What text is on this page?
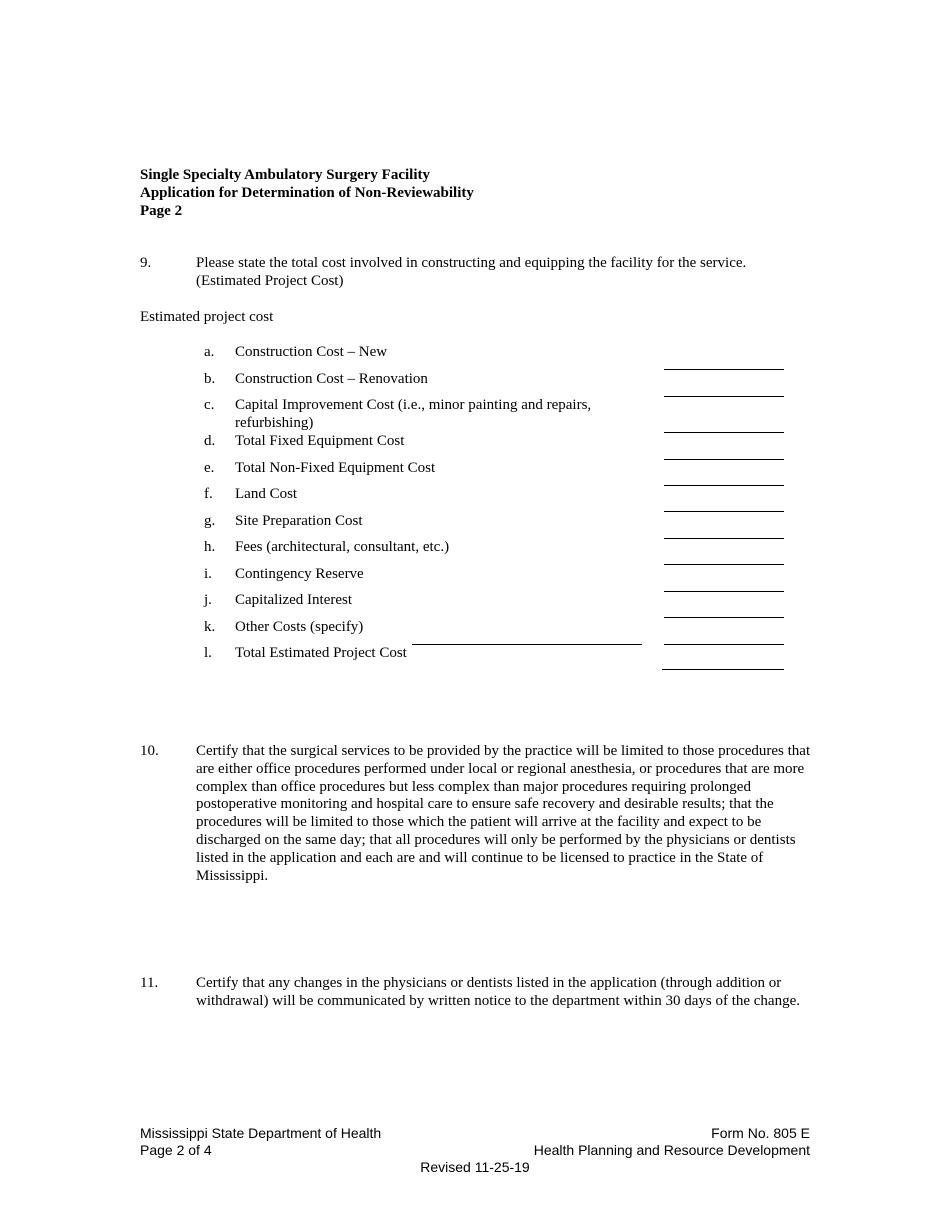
Single Specialty Ambulatory Surgery Facility
Application for Determination of Non-Reviewability
Page 2
9.	Please state the total cost involved in constructing and equipping the facility for the service. (Estimated Project Cost)
Estimated project cost
a. Construction Cost – New
b. Construction Cost – Renovation
c. Capital Improvement Cost (i.e., minor painting and repairs, refurbishing)
d. Total Fixed Equipment Cost
e. Total Non-Fixed Equipment Cost
f. Land Cost
g. Site Preparation Cost
h. Fees (architectural, consultant, etc.)
i. Contingency Reserve
j. Capitalized Interest
k. Other Costs (specify)
l. Total Estimated Project Cost
10. Certify that the surgical services to be provided by the practice will be limited to those procedures that are either office procedures performed under local or regional anesthesia, or procedures that are more complex than office procedures but less complex than major procedures requiring prolonged postoperative monitoring and hospital care to ensure safe recovery and desirable results; that the procedures will be limited to those which the patient will arrive at the facility and expect to be discharged on the same day; that all procedures will only be performed by the physicians or dentists listed in the application and each are and will continue to be licensed to practice in the State of Mississippi.
11.	Certify that any changes in the physicians or dentists listed in the application (through addition or withdrawal) will be communicated by written notice to the department within 30 days of the change.
Mississippi State Department of Health
Page 2 of 4
Form No. 805 E
Health Planning and Resource Development
Revised 11-25-19
